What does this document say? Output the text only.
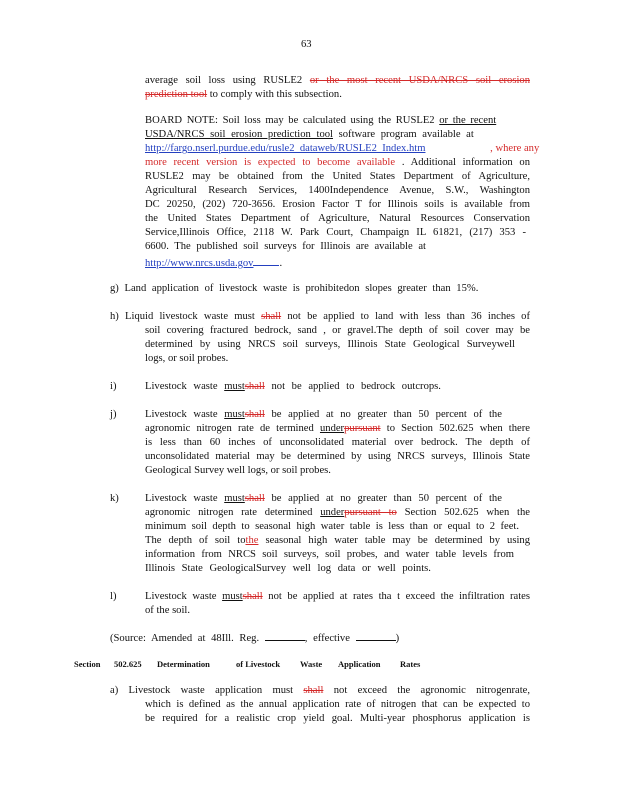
63
average soil loss using RUSLE2 or the most recent USDA/NRCS soil erosion
prediction tool to comply with this subsection.
BOARD NOTE: Soil loss may be calculated using the RUSLE2 or the recent
USDA/NRCS soil erosion prediction tool software program available at
http://fargo.nserl.purdue.edu/rusle2_dataweb/RUSLE2_Index.htm	, where any
more recent version is expected to become available . Additional information on
RUSLE2 may be obtained from the United States Department of Agriculture,
Agricultural Research Services, 1400Independence Avenue, S.W., Washington
DC 20250, (202) 720-3656. Erosion Factor T for Illinois soils is available from
the United States Department of Agriculture, Natural Resources Conservation
Service,Illinois Office, 2118 W. Park Court, Champaign IL 61821, (217) 353 -
6600. The published soil surveys for Illinois are available at
http://www.nrcs.usda.gov .
g) Land application of livestock waste is prohibitedon slopes greater than 15%.
h) Liquid livestock waste must shall not be applied to land with less than 36 inches of
soil covering fractured bedrock, sand , or gravel.The depth of soil cover may be
determined by using NRCS soil surveys, Illinois State Geological Surveywell
logs, or soil probes.
i)	Livestock waste mustshall not be applied to bedrock outcrops.
j)	Livestock waste mustshall be applied at no greater than 50 percent of the
agronomic nitrogen rate de termined underpursuant to Section 502.625 when there
is less than 60 inches of unconsolidated material over bedrock. The depth of
unconsolidated material may be determined by using NRCS surveys, Illinois State
Geological Survey well logs, or soil probes.
k) Livestock waste mustshall be applied at no greater than 50 percent of the
agronomic nitrogen rate determined underpursuant to Section 502.625 when the
minimum soil depth to seasonal high water table is less than or equal to 2 feet.
The depth of soil tothe seasonal high water table may be determined by using
information from NRCS soil surveys, soil probes, and water table levels from
Illinois State GeologicalSurvey well log data or well points.
l)	Livestock waste mustshall not be applied at rates tha t exceed the infiltration rates
of the soil.
(Source: Amended at 48Ill. Reg.	, effective	)
Section 502.625 Determination	of Livestock Waste Application Rates
a) Livestock waste application must shall not exceed the agronomic nitrogenrate,
which is defined as the annual application rate of nitrogen that can be expected to
be required for a realistic crop yield goal. Multi-year phosphorus application is
